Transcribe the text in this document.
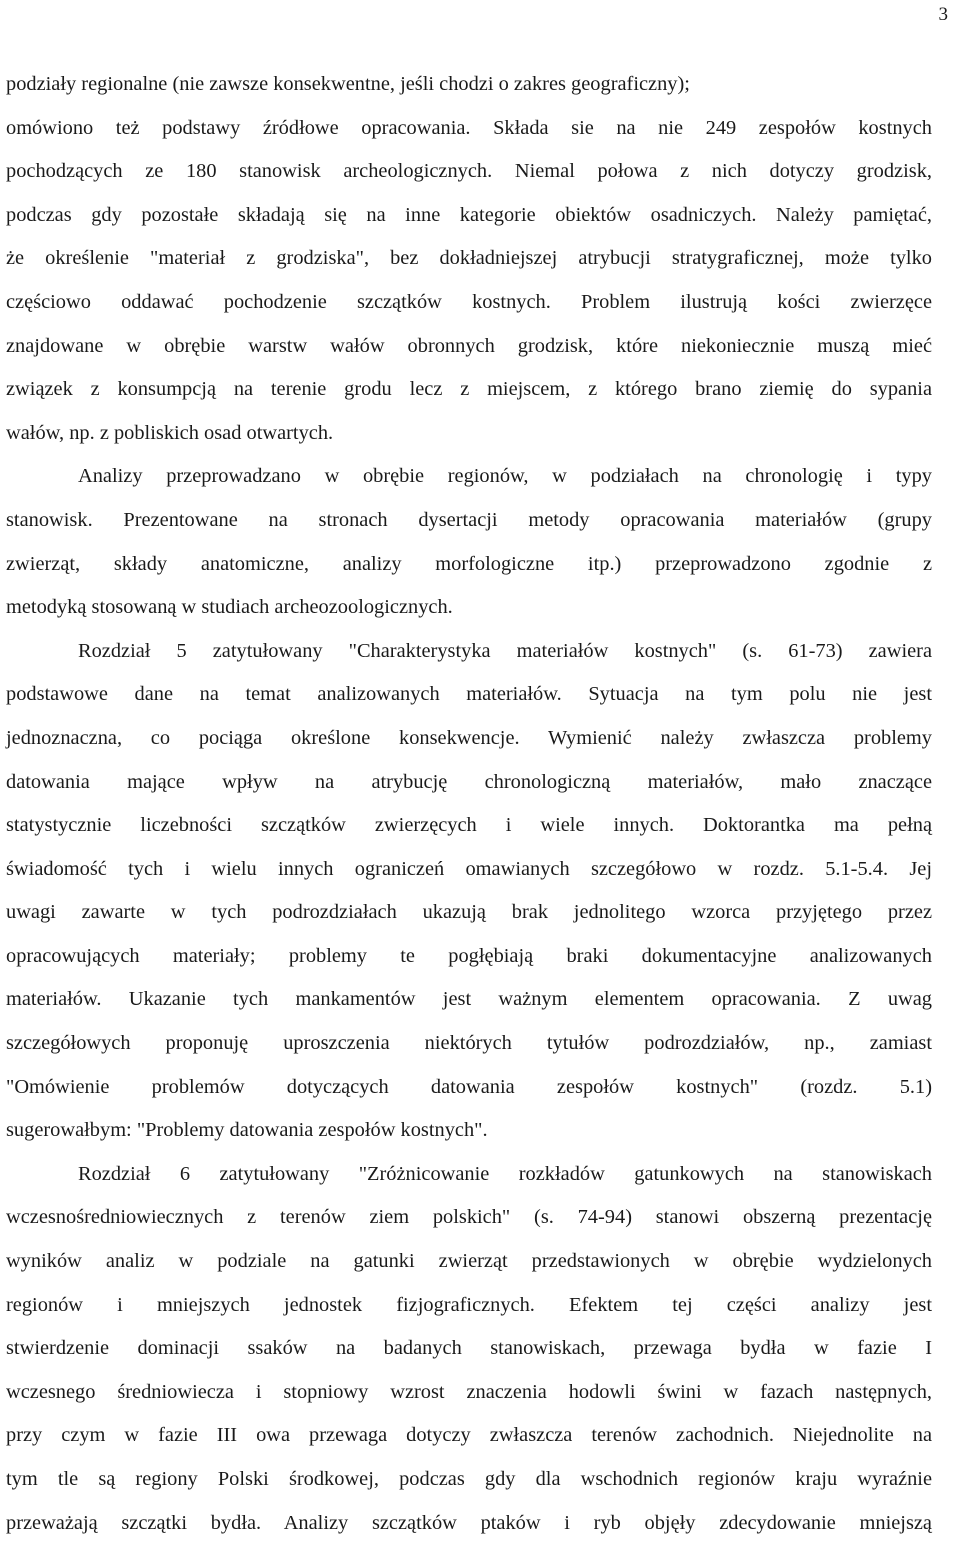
3
podziały regionalne (nie zawsze konsekwentne, jeśli chodzi o zakres geograficzny);
omówiono też podstawy źródłowe opracowania. Składa sie na nie 249 zespołów kostnych
pochodzących ze 180 stanowisk archeologicznych. Niemal połowa z nich dotyczy grodzisk,
podczas gdy pozostałe składają się na inne kategorie obiektów osadniczych. Należy pamiętać,
że określenie "materiał z grodziska", bez dokładniejszej atrybucji stratygraficznej, może tylko
częściowo oddawać pochodzenie szczątków kostnych. Problem ilustrują kości zwierzęce
znajdowane w obrębie warstw wałów obronnych grodzisk, które niekoniecznie muszą mieć
związek z konsumpcją na terenie grodu lecz z miejscem, z którego brano ziemię do sypania
wałów, np. z pobliskich osad otwartych.
Analizy przeprowadzano w obrębie regionów, w podziałach na chronologię i typy
stanowisk. Prezentowane na stronach dysertacji metody opracowania materiałów (grupy
zwierząt, składy anatomiczne, analizy morfologiczne itp.) przeprowadzono zgodnie z
metodyką stosowaną w studiach archeozoologicznych.
Rozdział 5 zatytułowany "Charakterystyka materiałów kostnych" (s. 61-73) zawiera
podstawowe dane na temat analizowanych materiałów. Sytuacja na tym polu nie jest
jednoznaczna, co pociąga określone konsekwencje. Wymienić należy zwłaszcza problemy
datowania mające wpływ na atrybucję chronologiczną materiałów, mało znaczące
statystycznie liczebności szczątków zwierzęcych i wiele innych. Doktorantka ma pełną
świadomość tych i wielu innych ograniczeń omawianych szczegółowo w rozdz. 5.1-5.4. Jej
uwagi zawarte w tych podrozdziałach ukazują brak jednolitego wzorca przyjętego przez
opracowujących materiały; problemy te pogłębiają braki dokumentacyjne analizowanych
materiałów. Ukazanie tych mankamentów jest ważnym elementem opracowania. Z uwag
szczegółowych proponuję uproszczenia niektórych tytułów podrozdziałów, np., zamiast
"Omówienie problemów dotyczących datowania zespołów kostnych" (rozdz. 5.1)
sugerowałbym: "Problemy datowania zespołów kostnych".
Rozdział 6 zatytułowany "Zróżnicowanie rozkładów gatunkowych na stanowiskach
wczesnośredniowiecznych z terenów ziem polskich" (s. 74-94) stanowi obszerną prezentację
wyników analiz w podziale na gatunki zwierząt przedstawionych w obrębie wydzielonych
regionów i mniejszych jednostek fizjograficznych. Efektem tej części analizy jest
stwierdzenie dominacji ssaków na badanych stanowiskach, przewaga bydła w fazie I
wczesnego średniowiecza i stopniowy wzrost znaczenia hodowli świni w fazach następnych,
przy czym w fazie III owa przewaga dotyczy zwłaszcza terenów zachodnich. Niejednolite na
tym tle są regiony Polski środkowej, podczas gdy dla wschodnich regionów kraju wyraźnie
przeważają szczątki bydła. Analizy szczątków ptaków i ryb objęły zdecydowanie mniejszą
